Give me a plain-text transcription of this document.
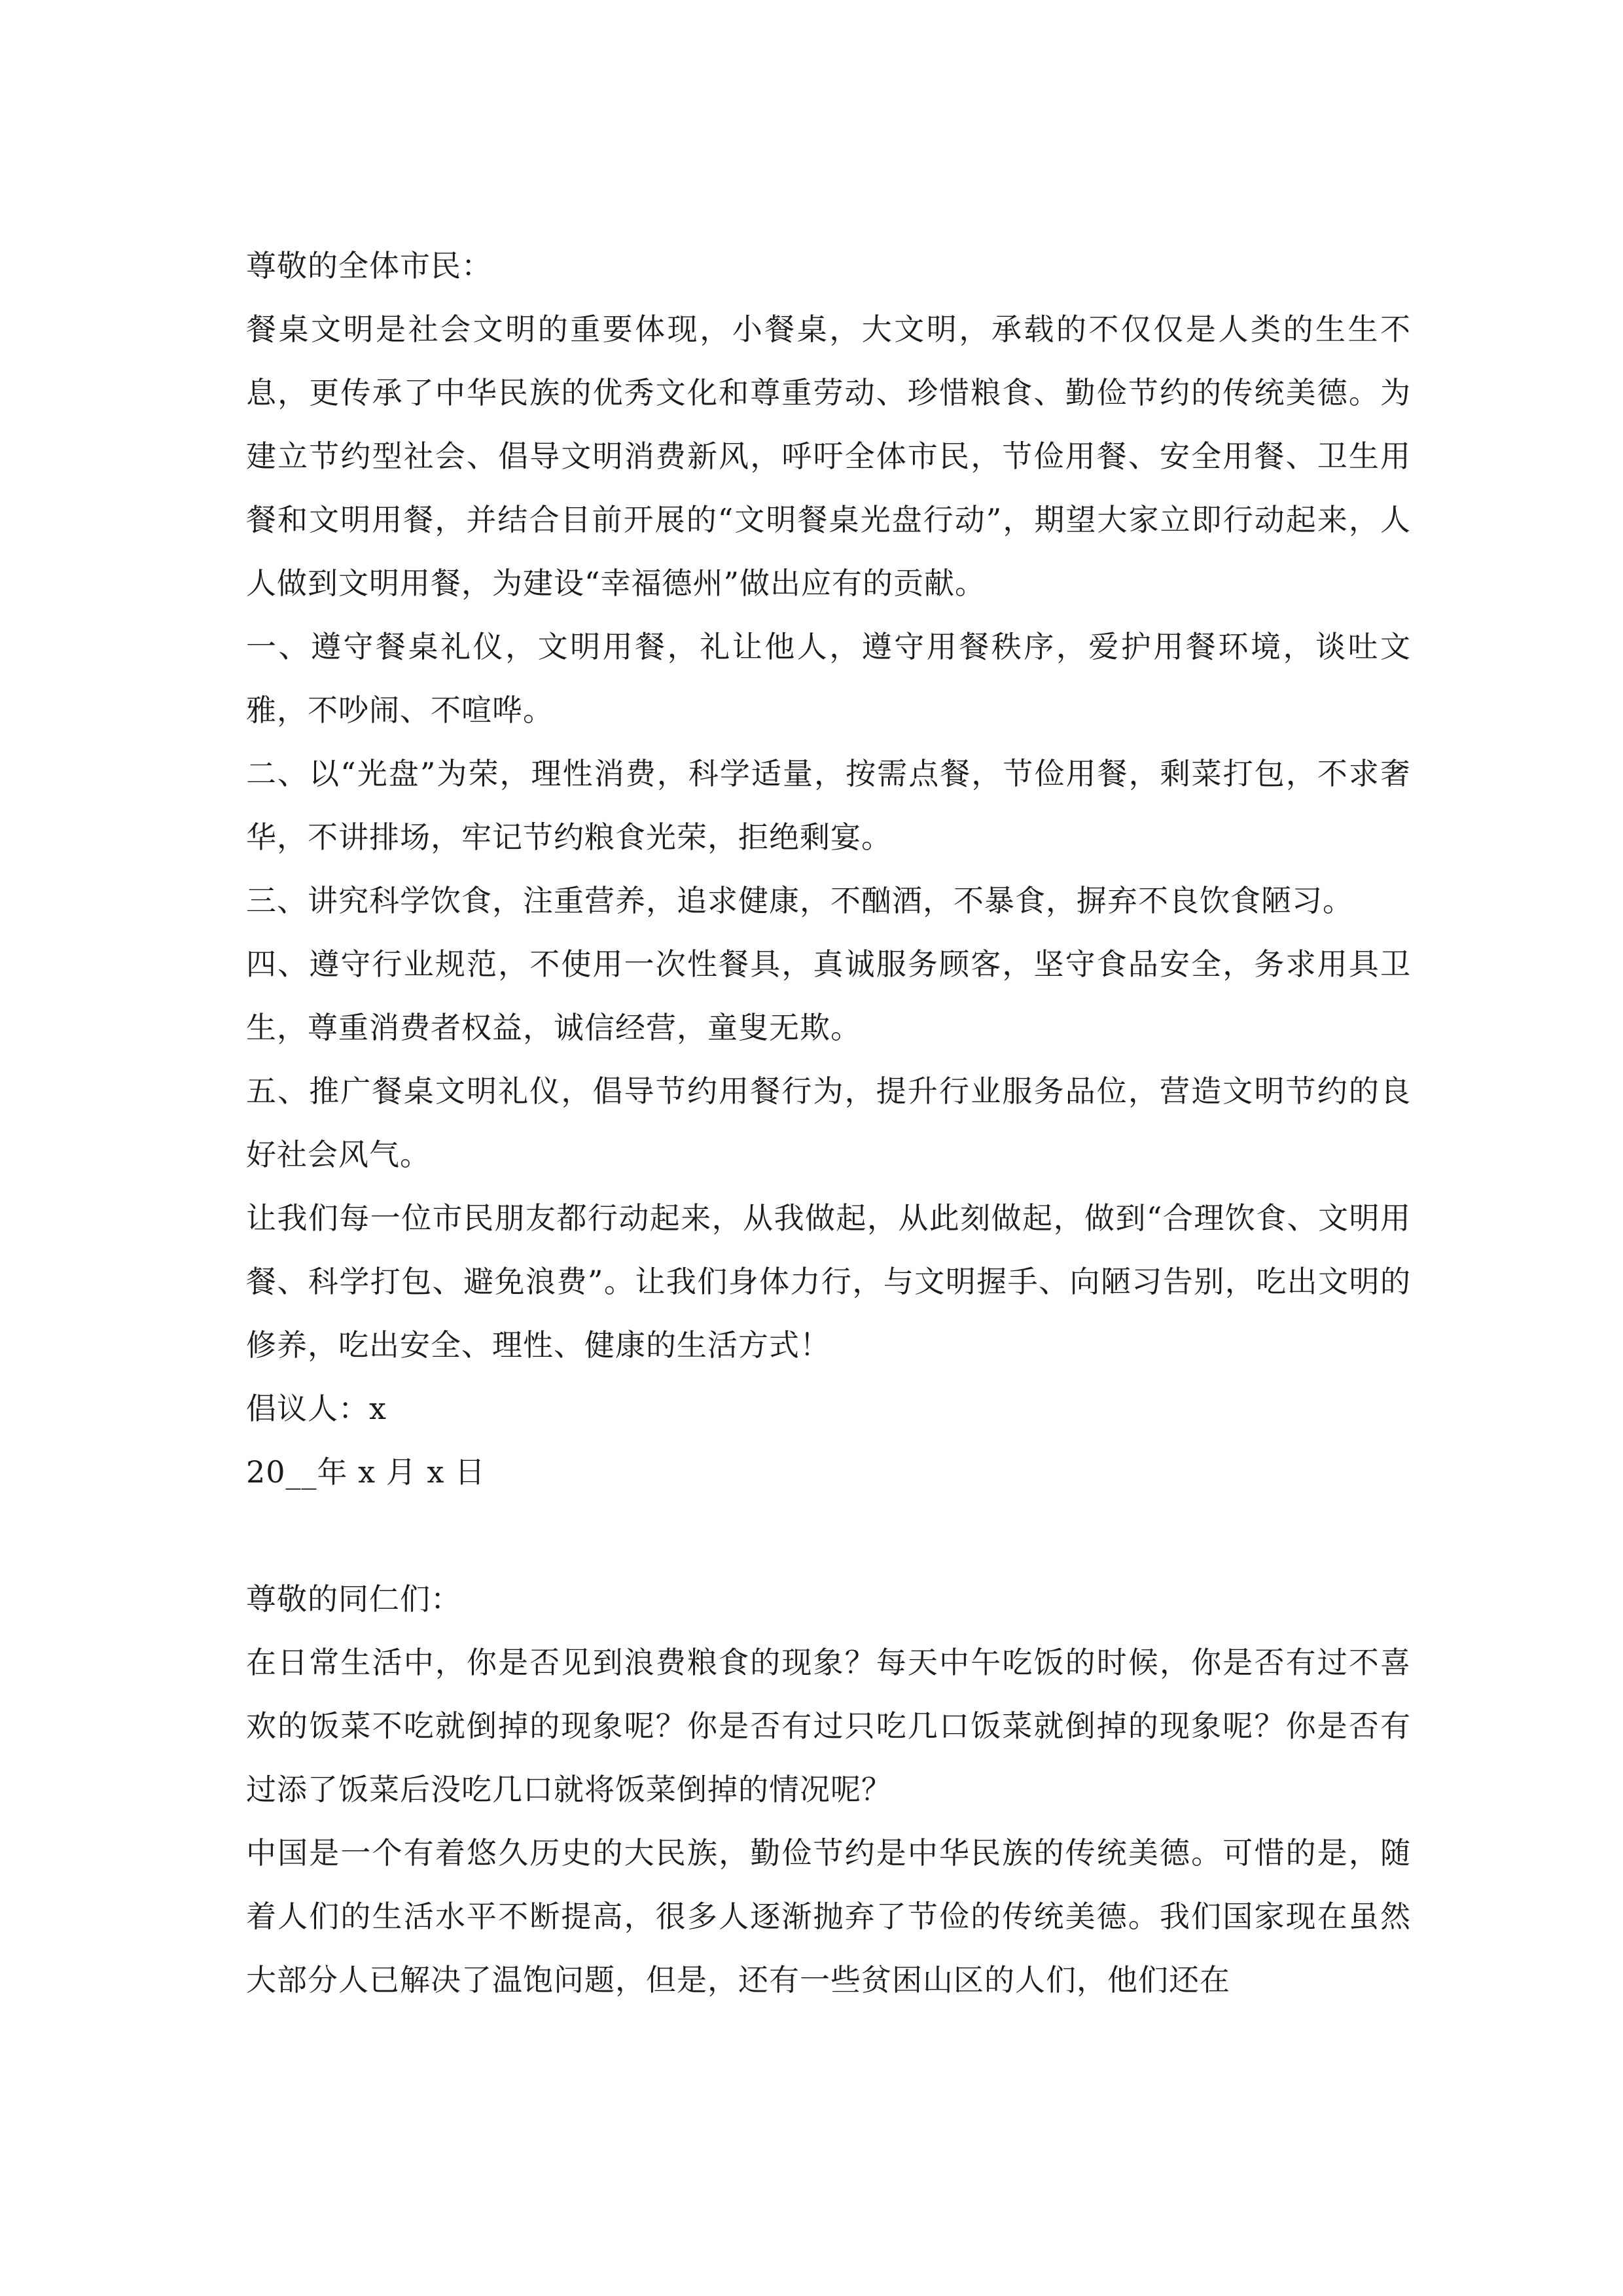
尊敬的全体市民：

餐桌文明是社会文明的重要体现，小餐桌，大文明，承载的不仅仅是人类的生生不息，更传承了中华民族的优秀文化和尊重劳动、珍惜粮食、勤俭节约的传统美德。为建立节约型社会、倡导文明消费新风，呼吁全体市民，节俭用餐、安全用餐、卫生用餐和文明用餐，并结合目前开展的“文明餐桌光盘行动”，期望大家立即行动起来，人人做到文明用餐，为建设“幸福德州”做出应有的贡献。

一、遵守餐桌礼仪，文明用餐，礼让他人，遵守用餐秩序，爱护用餐环境，谈吐文雅，不吵闹、不喧哗。

二、以“光盘”为荣，理性消费，科学适量，按需点餐，节俭用餐，剩菜打包，不求奢华，不讲排场，牢记节约粮食光荣，拒绝剩宴。

三、讲究科学饮食，注重营养，追求健康，不酗酒，不暴食，摒弃不良饮食陋习。

四、遵守行业规范，不使用一次性餐具，真诚服务顾客，坚守食品安全，务求用具卫生，尊重消费者权益，诚信经营，童叟无欺。

五、推广餐桌文明礼仪，倡导节约用餐行为，提升行业服务品位，营造文明节约的良好社会风气。

让我们每一位市民朋友都行动起来，从我做起，从此刻做起，做到“合理饮食、文明用餐、科学打包、避免浪费”。让我们身体力行，与文明握手、向陋习告别，吃出文明的修养，吃出安全、理性、健康的生活方式！

倡议人：x

20__年 x 月 x 日

尊敬的同仁们：

在日常生活中，你是否见到浪费粮食的现象？每天中午吃饭的时候，你是否有过不喜欢的饭菜不吃就倒掉的现象呢？你是否有过只吃几口饭菜就倒掉的现象呢？你是否有过添了饭菜后没吃几口就将饭菜倒掉的情况呢？

中国是一个有着悠久历史的大民族，勤俭节约是中华民族的传统美德。可惜的是，随着人们的生活水平不断提高，很多人逐渐抛弃了节俭的传统美德。我们国家现在虽然大部分人已解决了温饱问题，但是，还有一些贫困山区的人们，他们还在
